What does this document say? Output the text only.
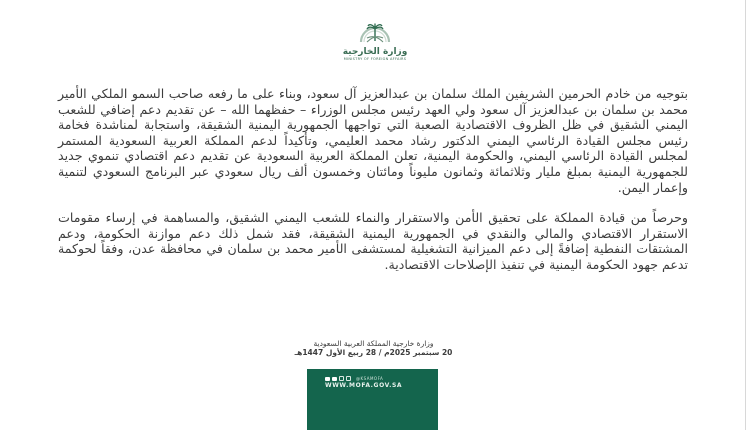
وزارة الخارجية
MINISTRY OF FOREIGN AFFAIRS

بتوجيه من خادم الحرمين الشريفين الملك سلمان بن عبدالعزيز آل سعود، وبناء على ما رفعه صاحب السمو الملكي الأمير محمد بن سلمان بن عبدالعزيز آل سعود ولي العهد رئيس مجلس الوزراء – حفظهما الله – عن تقديم دعم إضافي للشعب اليمني الشقيق في ظل الظروف الاقتصادية الصعبة التي تواجهها الجمهورية اليمنية الشقيقة، واستجابة لمناشدة فخامة رئيس مجلس القيادة الرئاسي اليمني الدكتور رشاد محمد العليمي، وتأكيداً لدعم المملكة العربية السعودية المستمر لمجلس القيادة الرئاسي اليمني، والحكومة اليمنية، تعلن المملكة العربية السعودية عن تقديم دعم اقتصادي تنموي جديد للجمهورية اليمنية بمبلغ مليار وثلاثمائة وثمانون مليوناً ومائتان وخمسون ألف ريال سعودي عبر البرنامج السعودي لتنمية وإعمار اليمن.

وحرصاً من قيادة المملكة على تحقيق الأمن والاستقرار والنماء للشعب اليمني الشقيق، والمساهمة في إرساء مقومات الاستقرار الاقتصادي والمالي والنقدي في الجمهورية اليمنية الشقيقة، فقد شمل ذلك دعم موازنة الحكومة، ودعم المشتقات النفطية إضافةً إلى دعم الميزانية التشغيلية لمستشفى الأمير محمد بن سلمان في محافظة عدن، وفقاً لحوكمة تدعم جهود الحكومة اليمنية في تنفيذ الإصلاحات الاقتصادية.

وزارة خارجية المملكة العربية السعودية
20 سبتمبر 2025م / 28 ربيع الأول 1447هـ
@KSAMOFA
WWW.MOFA.GOV.SA
